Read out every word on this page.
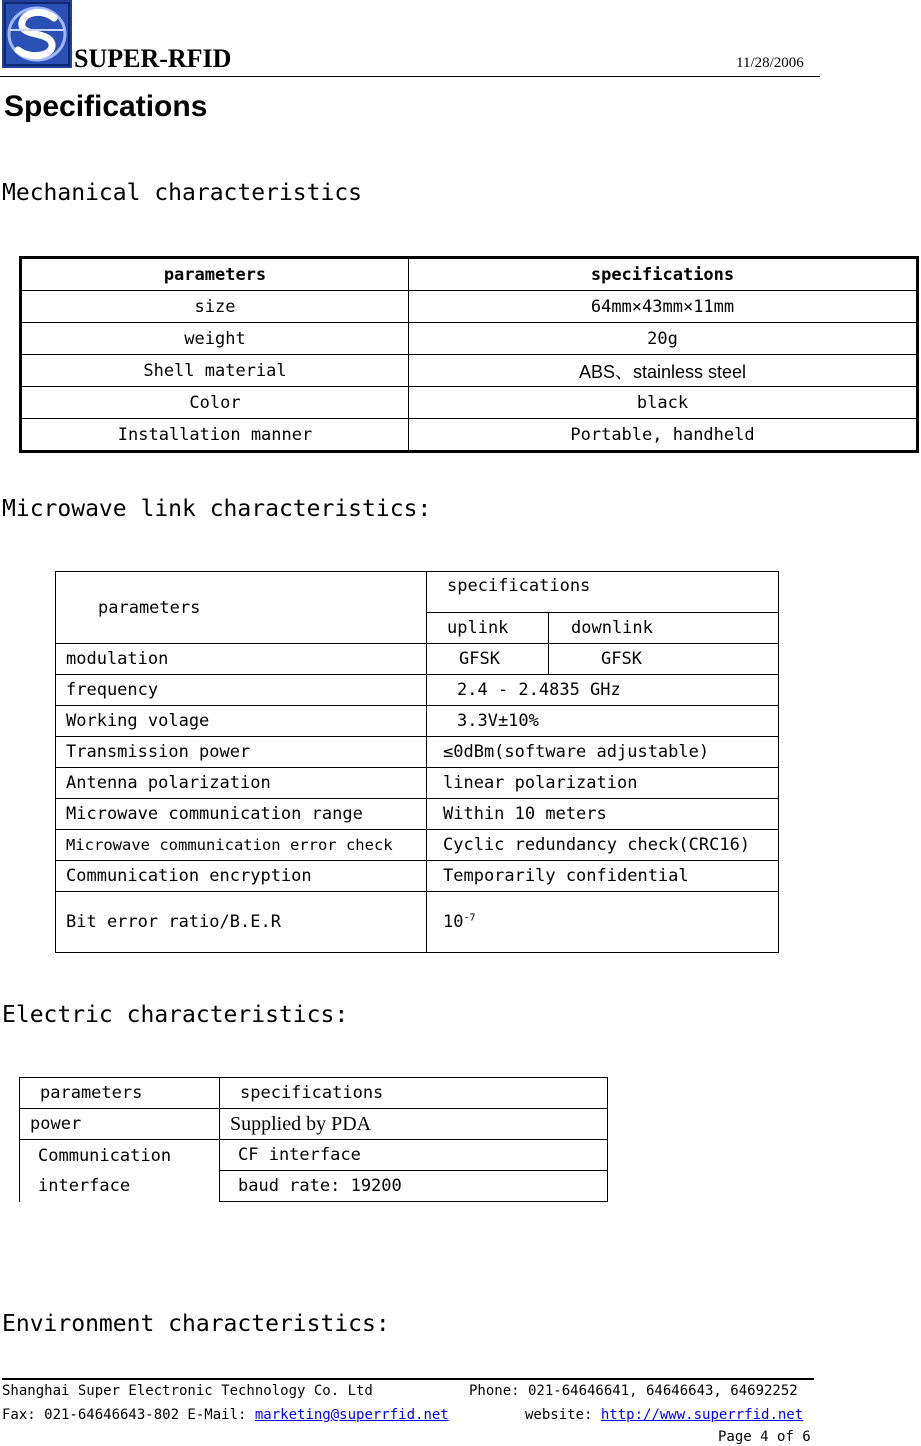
SUPER-RFID	11/28/2006
Specifications
Mechanical characteristics
parameters	specifications
size	64mm×43mm×11mm
weight	20g
Shell material	ABS、stainless steel
Color	black
Installation manner	Portable, handheld
Microwave link characteristics:
parameters	specifications	
	uplink	downlink
modulation	GFSK	GFSK
frequency	2.4 - 2.4835 GHz	
Working volage	3.3V±10%	
Transmission power	≤0dBm(software adjustable)	
Antenna polarization	linear polarization	
Microwave communication range	Within 10 meters	
Microwave communication error check	Cyclic redundancy check(CRC16)	
Communication encryption	Temporarily confidential	
Bit error ratio/B.E.R	$10^{-7}$
Electric characteristics:
parameters	specifications
power	Supplied by PDA

Communication
interface	CF interface
	baud rate: 19200
Environment characteristics:
Shanghai Super Electronic Technology Co. Ltd	Phone: 021-64646641, 64646643, 64692252
Fax: 021-64646643-802 E-Mail: marketing@superrfid.net	website: http://www.superrfid.net
Page 4 of 6
